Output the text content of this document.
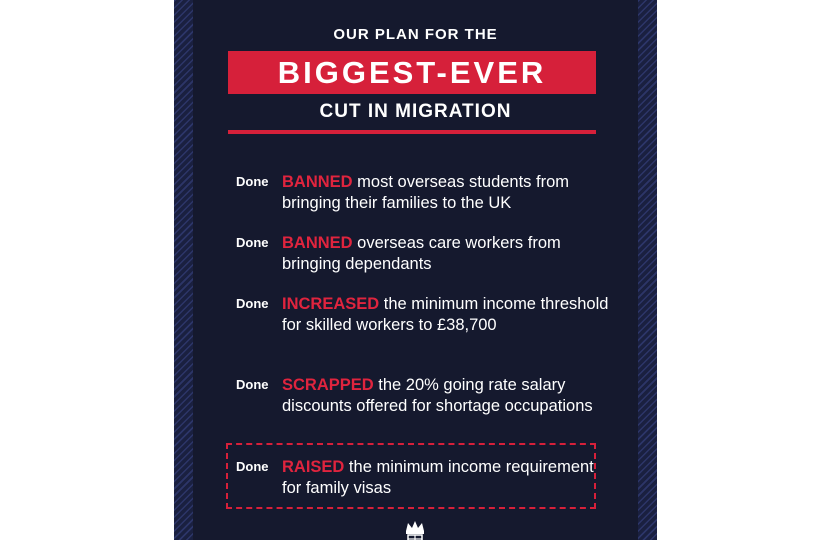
OUR PLAN FOR THE
BIGGEST-EVER
CUT IN MIGRATION
Done BANNED most overseas students from bringing their families to the UK
Done BANNED overseas care workers from bringing dependants
Done INCREASED the minimum income threshold for skilled workers to £38,700
Done SCRAPPED the 20% going rate salary discounts offered for shortage occupations
Done RAISED the minimum income requirement for family visas
